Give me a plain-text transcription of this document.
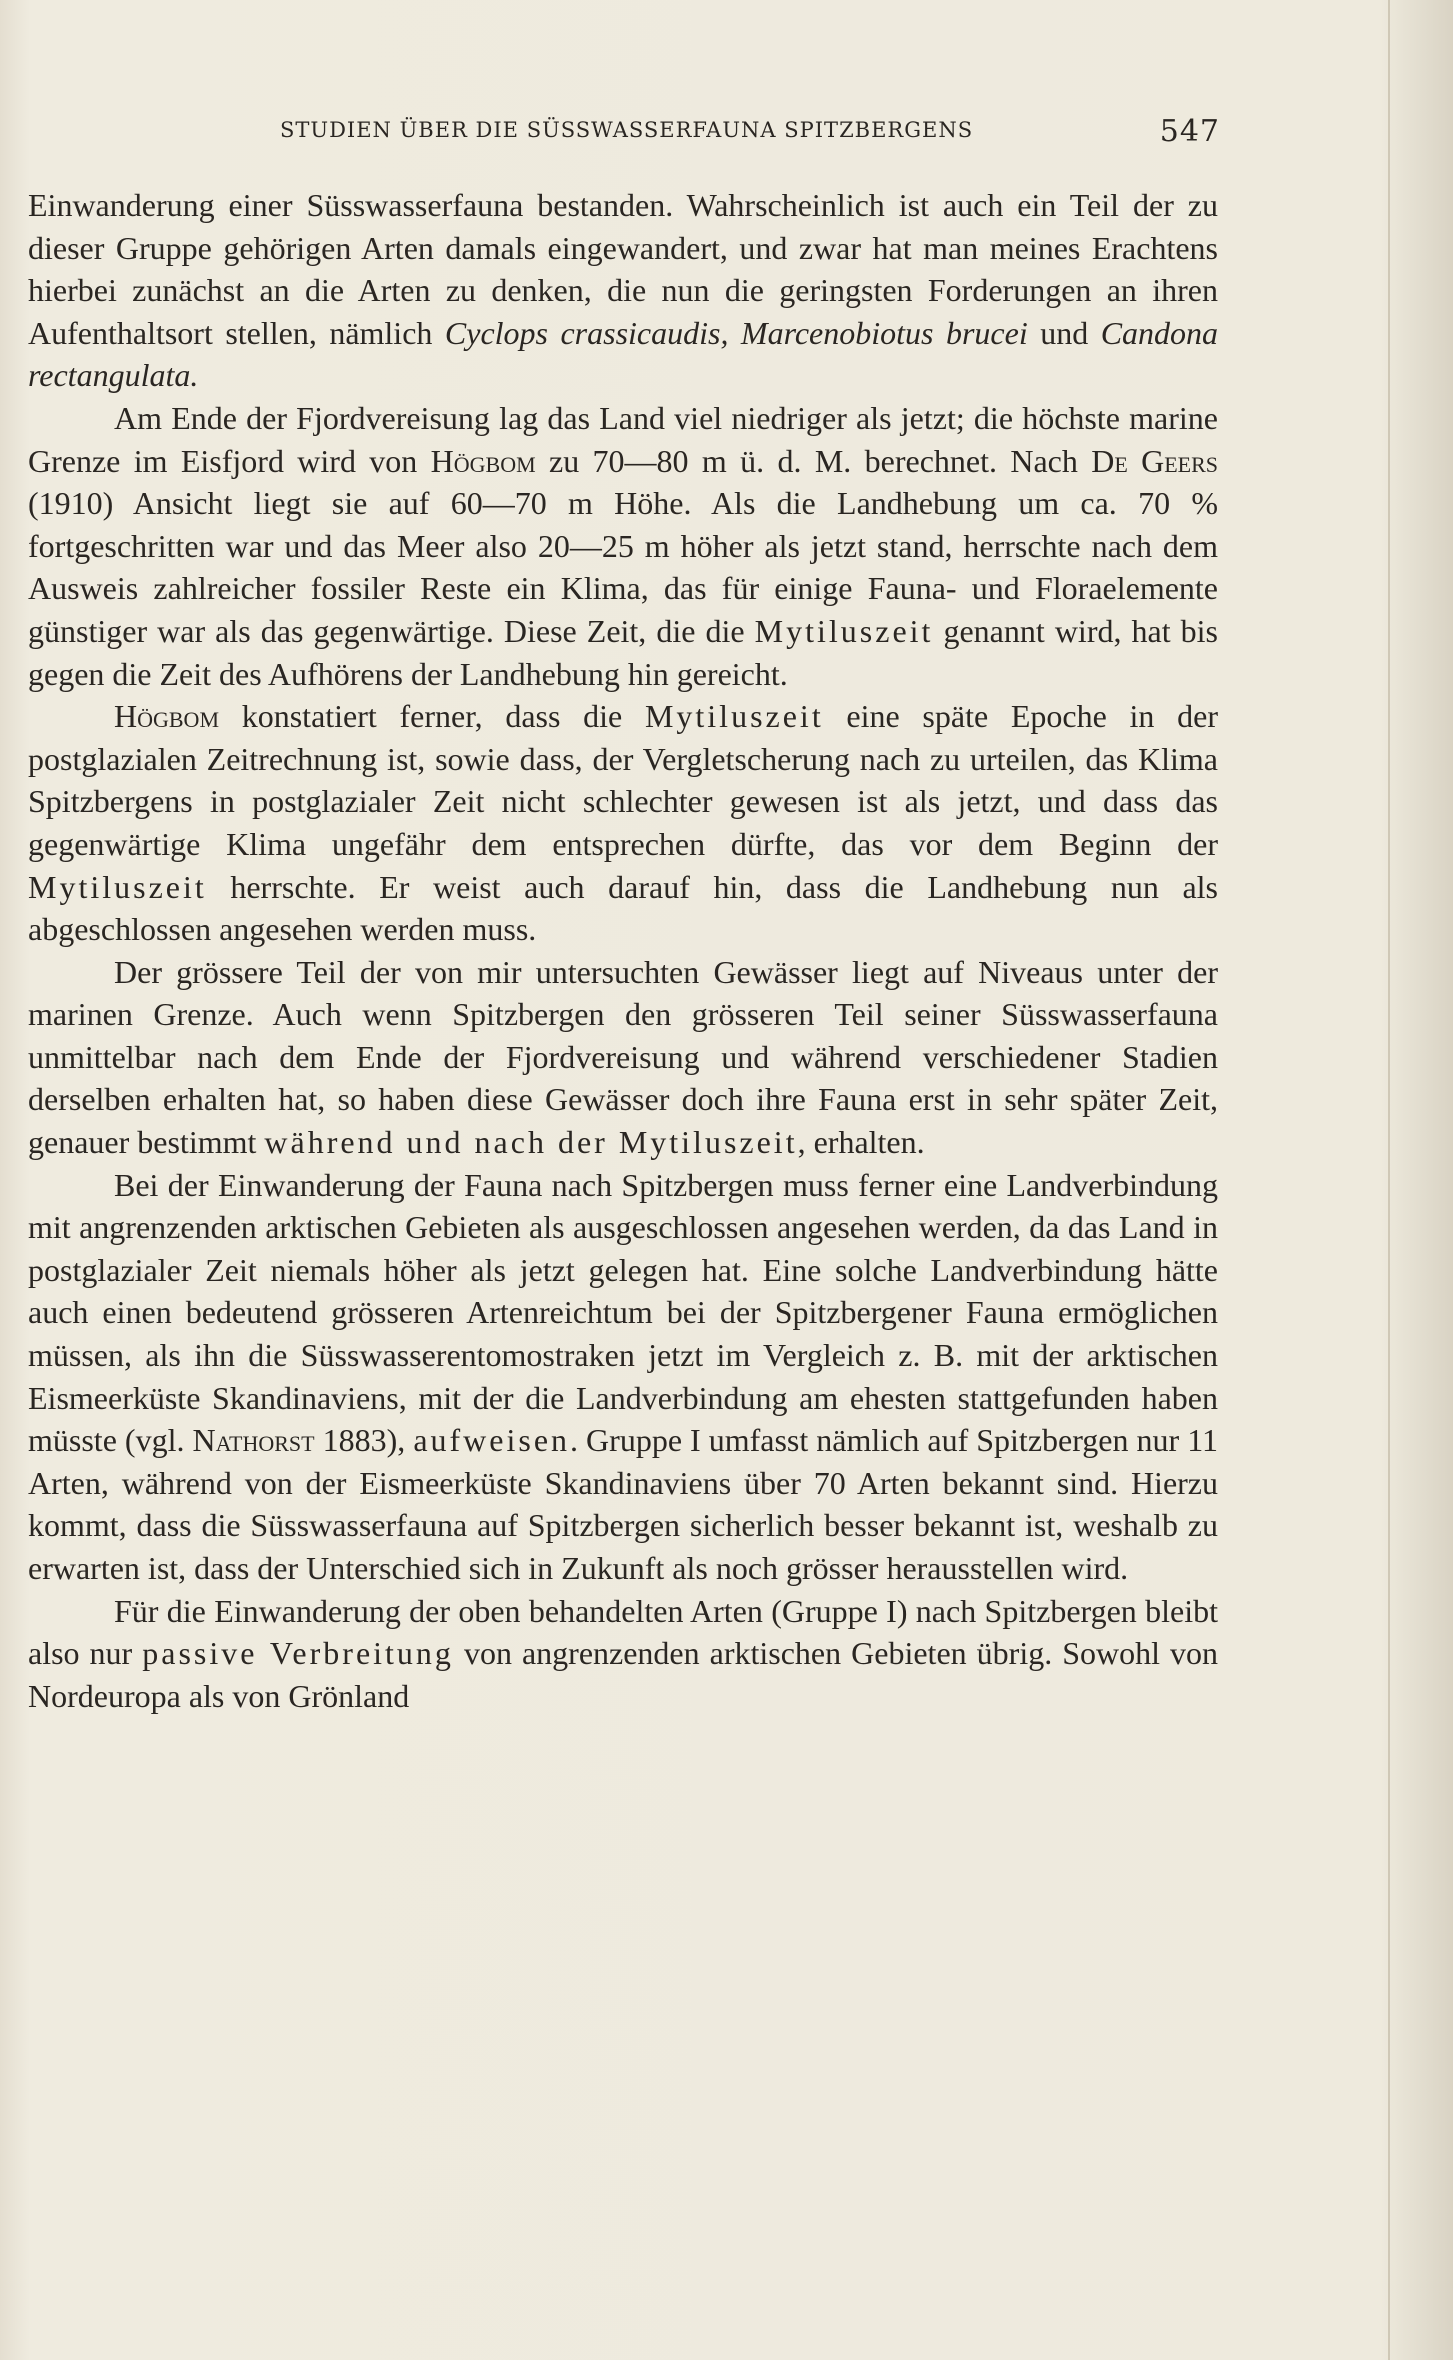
STUDIEN ÜBER DIE SÜSSWASSERFAUNA SPITZBERGENS	547

Einwanderung einer Süsswasserfauna bestanden. Wahrscheinlich ist auch ein Teil der zu dieser Gruppe gehörigen Arten damals eingewandert, und zwar hat man meines Erachtens hierbei zunächst an die Arten zu denken, die nun die geringsten Forderungen an ihren Aufenthaltsort stellen, nämlich Cyclops crassicaudis, Marcenobiotus brucei und Candona rectangulata.

Am Ende der Fjordvereisung lag das Land viel niedriger als jetzt; die höchste marine Grenze im Eisfjord wird von Högbom zu 70—80 m ü. d. M. berechnet. Nach De Geers (1910) Ansicht liegt sie auf 60—70 m Höhe. Als die Landhebung um ca. 70 % fortgeschritten war und das Meer also 20—25 m höher als jetzt stand, herrschte nach dem Ausweis zahlreicher fossiler Reste ein Klima, das für einige Fauna- und Floraelemente günstiger war als das gegenwärtige. Diese Zeit, die die Mytiluszeit genannt wird, hat bis gegen die Zeit des Aufhörens der Landhebung hin gereicht.

Högbom konstatiert ferner, dass die Mytiluszeit eine späte Epoche in der postglazialen Zeitrechnung ist, sowie dass, der Vergletscherung nach zu urteilen, das Klima Spitzbergens in postglazialer Zeit nicht schlechter gewesen ist als jetzt, und dass das gegenwärtige Klima ungefähr dem entsprechen dürfte, das vor dem Beginn der Mytiluszeit herrschte. Er weist auch darauf hin, dass die Landhebung nun als abgeschlossen angesehen werden muss.

Der grössere Teil der von mir untersuchten Gewässer liegt auf Niveaus unter der marinen Grenze. Auch wenn Spitzbergen den grösseren Teil seiner Süsswasserfauna unmittelbar nach dem Ende der Fjordvereisung und während verschiedener Stadien derselben erhalten hat, so haben diese Gewässer doch ihre Fauna erst in sehr später Zeit, genauer bestimmt während und nach der Mytiluszeit, erhalten.

Bei der Einwanderung der Fauna nach Spitzbergen muss ferner eine Landverbindung mit angrenzenden arktischen Gebieten als ausgeschlossen angesehen werden, da das Land in postglazialer Zeit niemals höher als jetzt gelegen hat. Eine solche Landverbindung hätte auch einen bedeutend grösseren Artenreichtum bei der Spitzbergener Fauna ermöglichen müssen, als ihn die Süsswasserentomostraken jetzt im Vergleich z. B. mit der arktischen Eismeerküste Skandinaviens, mit der die Landverbindung am ehesten stattgefunden haben müsste (vgl. Nathorst 1883), aufweisen. Gruppe I umfasst nämlich auf Spitzbergen nur 11 Arten, während von der Eismeerküste Skandinaviens über 70 Arten bekannt sind. Hierzu kommt, dass die Süsswasserfauna auf Spitzbergen sicherlich besser bekannt ist, weshalb zu erwarten ist, dass der Unterschied sich in Zukunft als noch grösser herausstellen wird.

Für die Einwanderung der oben behandelten Arten (Gruppe I) nach Spitzbergen bleibt also nur passive Verbreitung von angrenzenden arktischen Gebieten übrig. Sowohl von Nordeuropa als von Grönland
